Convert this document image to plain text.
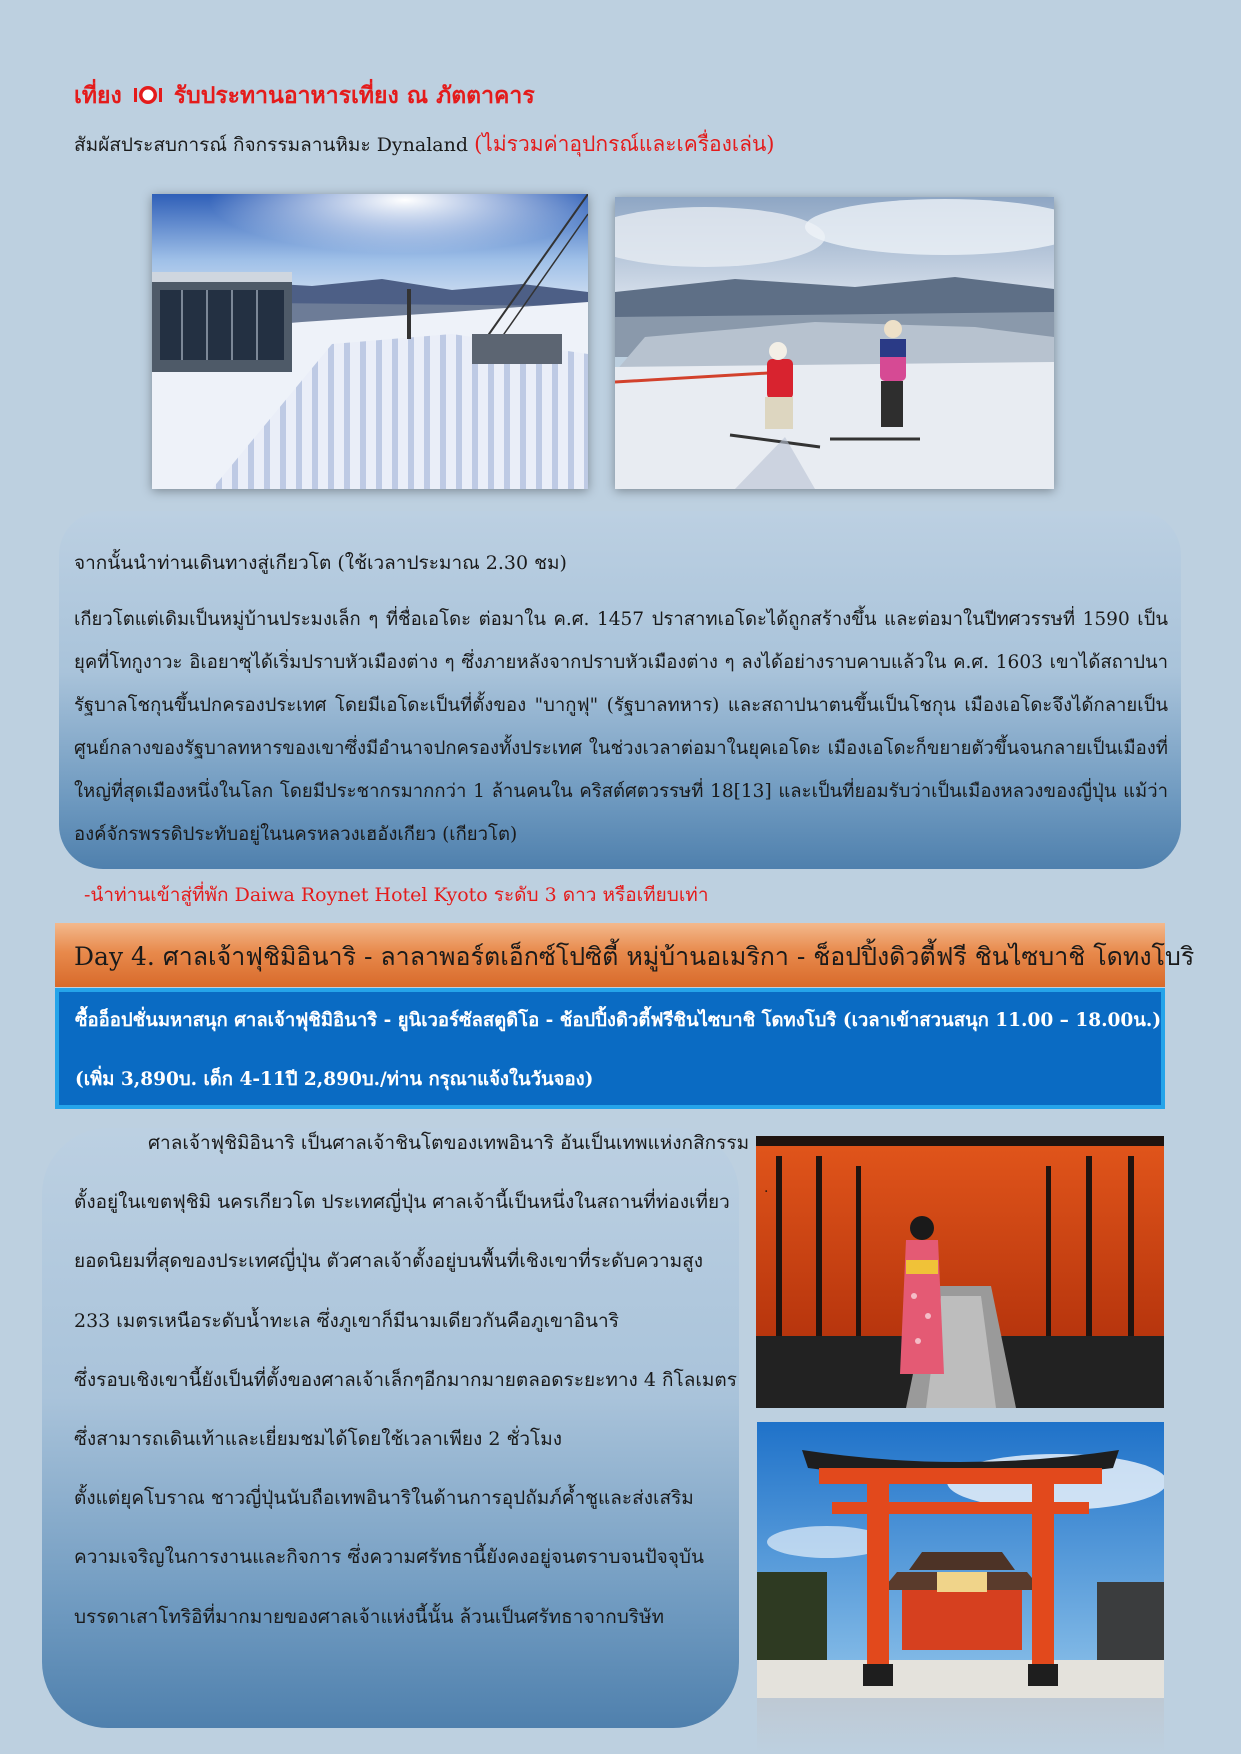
เที่ยง รับประทานอาหารเที่ยง ณ ภัตตาคาร
สัมผัสประสบการณ์ กิจกรรมลานหิมะ Dynaland (ไม่รวมค่าอุปกรณ์และเครื่องเล่น)
จากนั้นนำท่านเดินทางสู่เกียวโต (ใช้เวลาประมาณ 2.30 ชม)
เกียวโตแต่เดิมเป็นหมู่บ้านประมงเล็ก ๆ ที่ชื่อเอโดะ ต่อมาใน ค.ศ. 1457 ปราสาทเอโดะได้ถูกสร้างขึ้น และต่อมาในปีทศวรรษที่ 1590 เป็นยุคที่โทกูงาวะ อิเอยาซุได้เริ่มปราบหัวเมืองต่าง ๆ ซึ่งภายหลังจากปราบหัวเมืองต่าง ๆ ลงได้อย่างราบคาบแล้วใน ค.ศ. 1603 เขาได้สถาปนารัฐบาลโชกุนขึ้นปกครองประเทศ โดยมีเอโดะเป็นที่ตั้งของ "บากูฟุ" (รัฐบาลทหาร) และสถาปนาตนขึ้นเป็นโชกุน เมืองเอโดะจึงได้กลายเป็นศูนย์กลางของรัฐบาลทหารของเขาซึ่งมีอำนาจปกครองทั้งประเทศ ในช่วงเวลาต่อมาในยุคเอโดะ เมืองเอโดะก็ขยายตัวขึ้นจนกลายเป็นเมืองที่ใหญ่ที่สุดเมืองหนึ่งในโลก โดยมีประชากรมากกว่า 1 ล้านคนใน คริสต์ศตวรรษที่ 18[13] และเป็นที่ยอมรับว่าเป็นเมืองหลวงของญี่ปุ่น แม้ว่าองค์จักรพรรดิประทับอยู่ในนครหลวงเฮอังเกียว (เกียวโต)
-นำท่านเข้าสู่ที่พัก Daiwa Roynet Hotel Kyoto ระดับ 3 ดาว หรือเทียบเท่า
Day 4. ศาลเจ้าฟุชิมิอินาริ - ลาลาพอร์ตเอ็กซ์โปซิตี้ หมู่บ้านอเมริกา - ช็อปปิ้งดิวตี้ฟรี ชินไซบาชิ โดทงโบริ
ซื้ออ็อปชั่นมหาสนุก ศาลเจ้าฟุชิมิอินาริ - ยูนิเวอร์ซัลสตูดิโอ - ช้อปปิ้งดิวตี้ฟรีชินไซบาชิ โดทงโบริ (เวลาเข้าสวนสนุก 11.00 – 18.00น.)
(เพิ่ม 3,890บ. เด็ก 4-11ปี 2,890บ./ท่าน กรุณาแจ้งในวันจอง)

ศาลเจ้าฟุชิมิอินาริ เป็นศาลเจ้าชินโตของเทพอินาริ อันเป็นเทพแห่งกสิกรรม

ตั้งอยู่ในเขตฟุชิมิ นครเกียวโต ประเทศญี่ปุ่น ศาลเจ้านี้เป็นหนึ่งในสถานที่ท่องเที่ยว

ยอดนิยมที่สุดของประเทศญี่ปุ่น ตัวศาลเจ้าตั้งอยู่บนพื้นที่เชิงเขาที่ระดับความสูง

233 เมตรเหนือระดับน้ำทะเล ซึ่งภูเขาก็มีนามเดียวกันคือภูเขาอินาริ

ซึ่งรอบเชิงเขานี้ยังเป็นที่ตั้งของศาลเจ้าเล็กๆอีกมากมายตลอดระยะทาง 4 กิโลเมตร

ซึ่งสามารถเดินเท้าและเยี่ยมชมได้โดยใช้เวลาเพียง 2 ชั่วโมง

ตั้งแต่ยุคโบราณ ชาวญี่ปุ่นนับถือเทพอินาริในด้านการอุปถัมภ์ค้ำชูและส่งเสริม

ความเจริญในการงานและกิจการ ซึ่งความศรัทธานี้ยังคงอยู่จนตราบจนปัจจุบัน

บรรดาเสาโทริอิที่มากมายของศาลเจ้าแห่งนี้นั้น ล้วนเป็นศรัทธาจากบริษัท

·
